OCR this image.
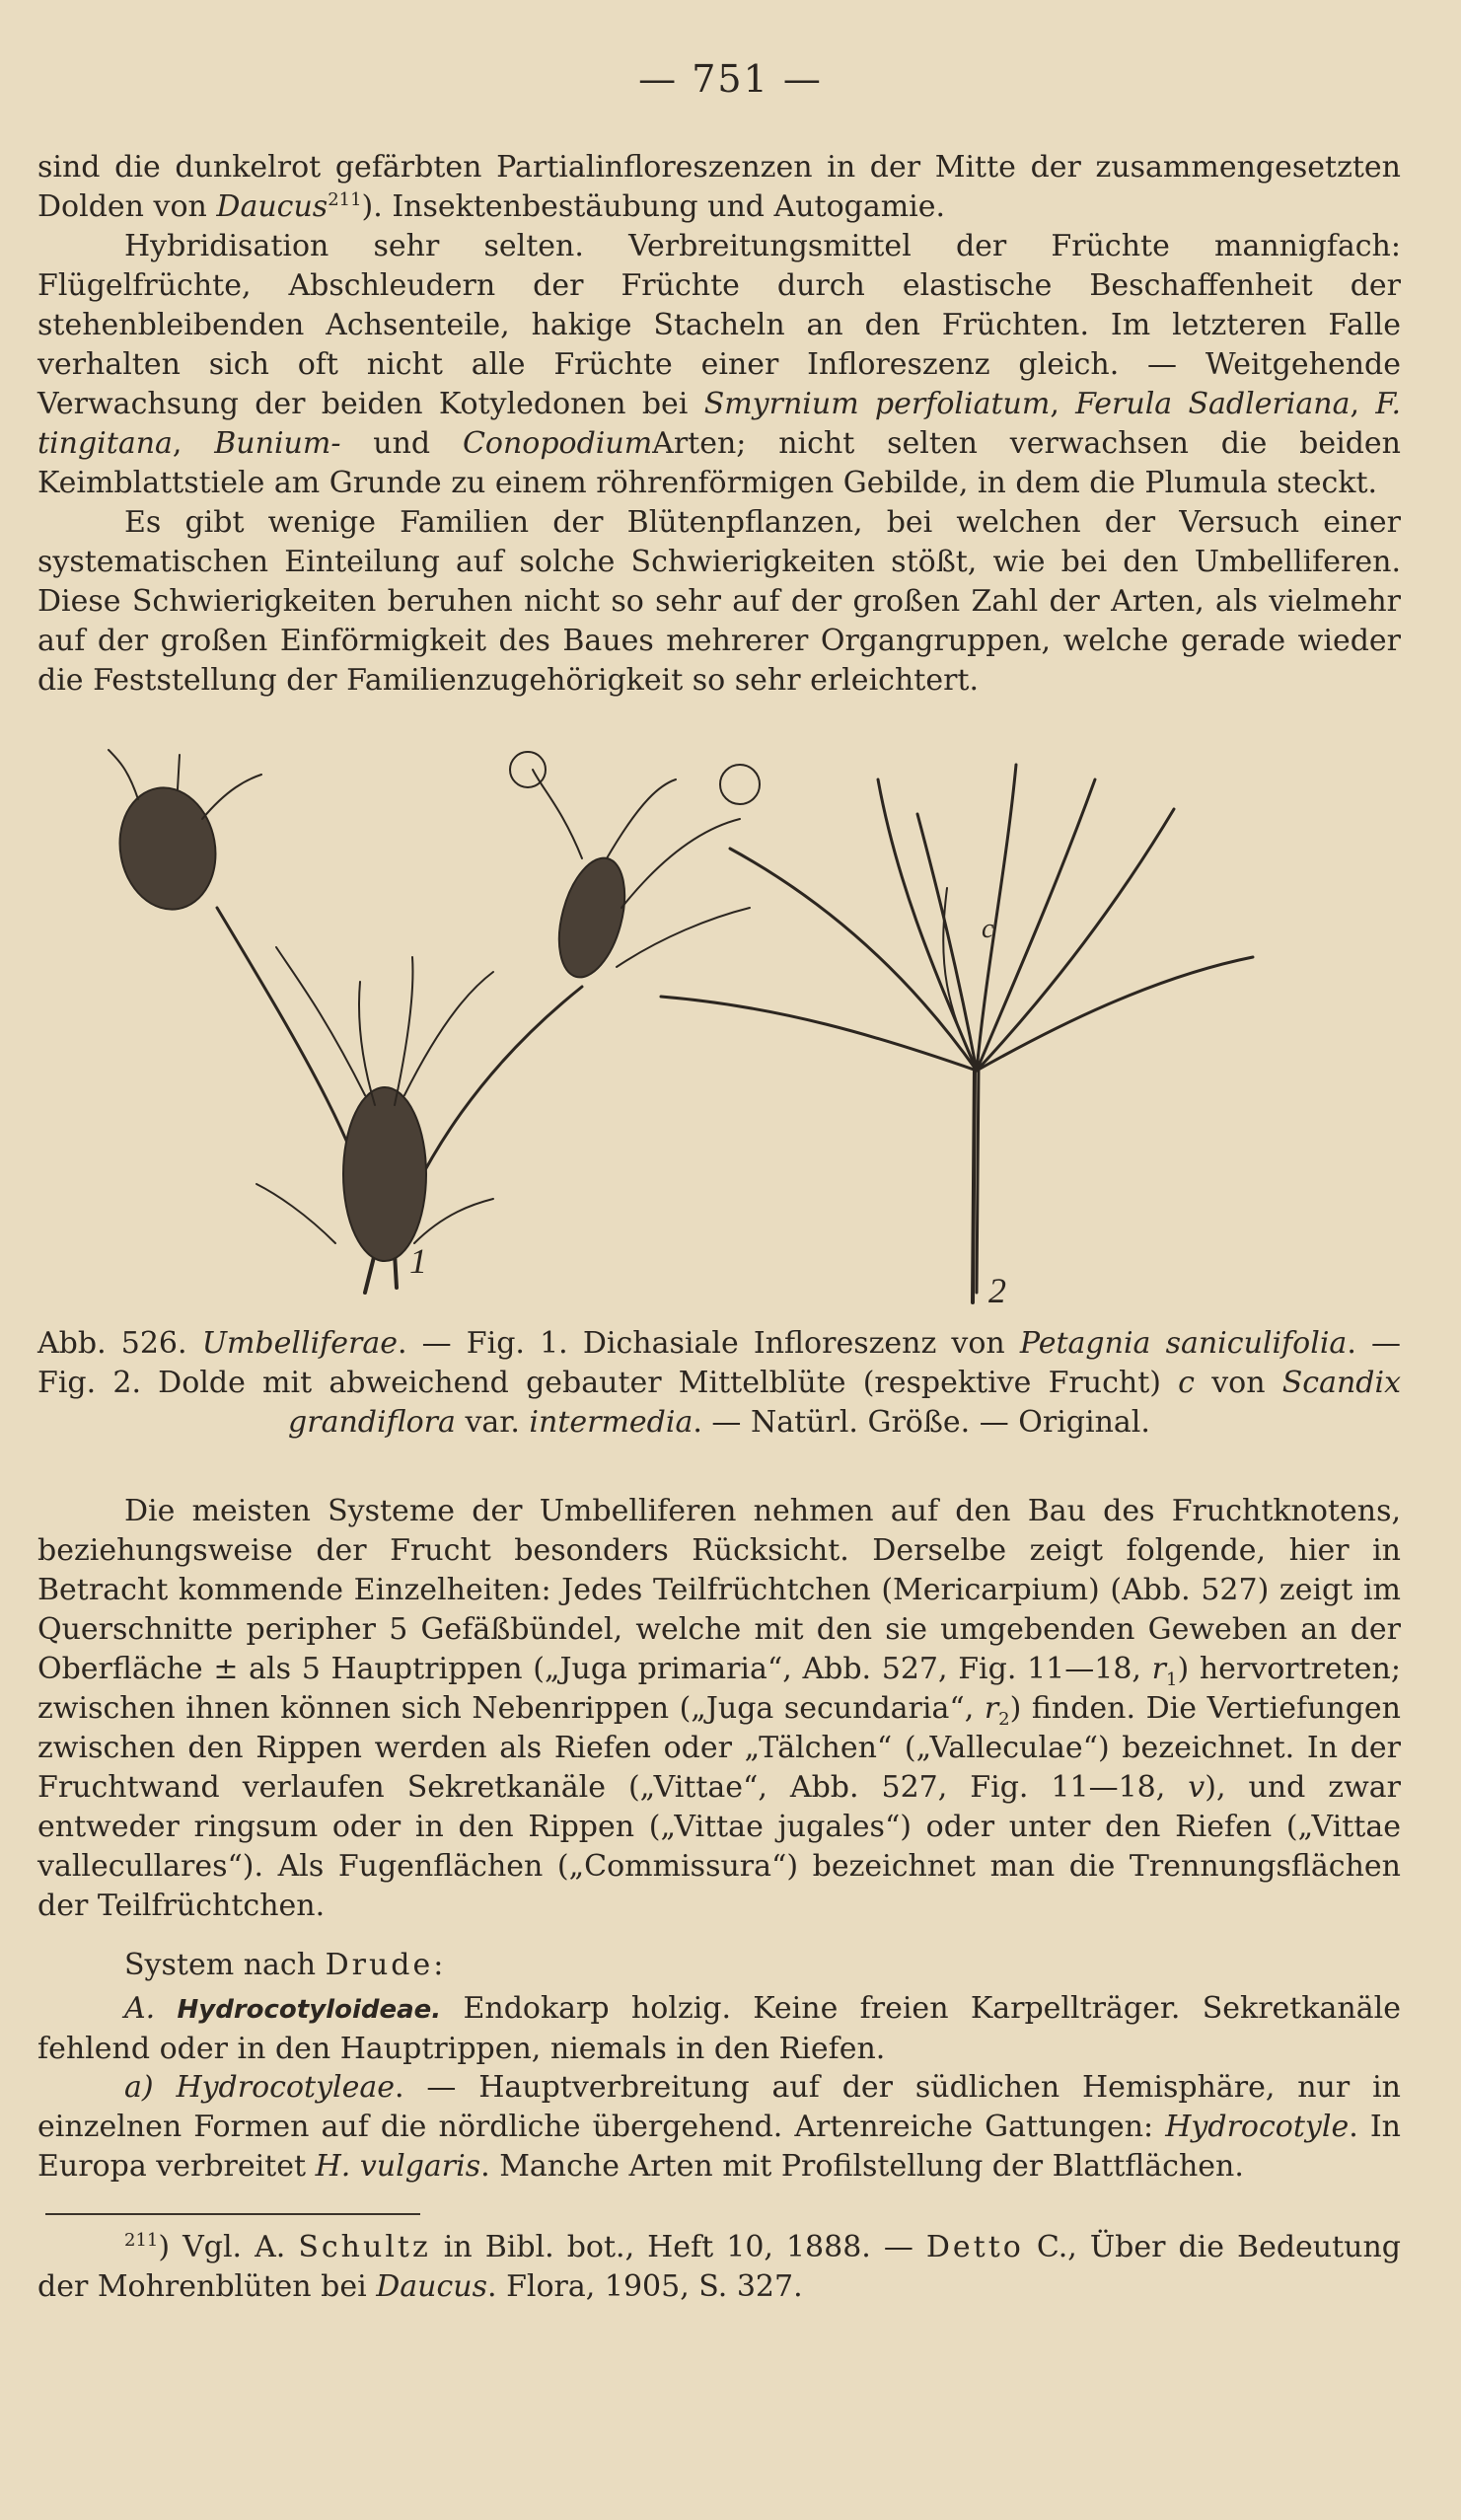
— 751 —

sind die dunkelrot gefärbten Partialinfloreszenzen in der Mitte der zusammengesetzten Dolden von Daucus$^{211}$). Insektenbestäubung und Autogamie.

Hybridisation sehr selten. Verbreitungsmittel der Früchte mannigfach: Flügelfrüchte, Abschleudern der Früchte durch elastische Beschaffenheit der stehenbleibenden Achsenteile, hakige Stacheln an den Früchten. Im letzteren Falle verhalten sich oft nicht alle Früchte einer Infloreszenz gleich. — Weitgehende Verwachsung der beiden Kotyledonen bei Smyrnium perfoliatum, Ferula Sadleriana, F. tingitana, Bunium- und ConopodiumArten; nicht selten verwachsen die beiden Keimblattstiele am Grunde zu einem röhrenförmigen Gebilde, in dem die Plumula steckt.

Es gibt wenige Familien der Blütenpflanzen, bei welchen der Versuch einer systematischen Einteilung auf solche Schwierigkeiten stößt, wie bei den Umbelliferen. Diese Schwierigkeiten beruhen nicht so sehr auf der großen Zahl der Arten, als vielmehr auf der großen Einförmigkeit des Baues mehrerer Organgruppen, welche gerade wieder die Feststellung der Familienzugehörigkeit so sehr erleichtert.

1
c
2
Abb. 526. Umbelliferae. — Fig. 1. Dichasiale Infloreszenz von Petagnia saniculifolia. — Fig. 2. Dolde mit abweichend gebauter Mittelblüte (respektive Frucht) c von Scandix grandiflora var. intermedia. — Natürl. Größe. — Original.

Die meisten Systeme der Umbelliferen nehmen auf den Bau des Fruchtknotens, beziehungsweise der Frucht besonders Rücksicht. Derselbe zeigt folgende, hier in Betracht kommende Einzelheiten: Jedes Teilfrüchtchen (Mericarpium) (Abb. 527) zeigt im Querschnitte peripher 5 Gefäßbündel, welche mit den sie umgebenden Geweben an der Oberfläche ± als 5 Hauptrippen („Juga primaria“, Abb. 527, Fig. 11—18, $r_1$) hervortreten; zwischen ihnen können sich Nebenrippen („Juga secundaria“, $r_2$) finden. Die Vertiefungen zwischen den Rippen werden als Riefen oder „Tälchen“ („Valleculae“) bezeichnet. In der Fruchtwand verlaufen Sekretkanäle („Vittae“, Abb. 527, Fig. 11—18, v), und zwar entweder ringsum oder in den Rippen („Vittae jugales“) oder unter den Riefen („Vittae vallecullares“). Als Fugenflächen („Commissura“) bezeichnet man die Trennungsflächen der Teilfrüchtchen.

System nach Drude:

A. Hydrocotyloideae. Endokarp holzig. Keine freien Karpellträger. Sekretkanäle fehlend oder in den Hauptrippen, niemals in den Riefen.

a) Hydrocotyleae. — Hauptverbreitung auf der südlichen Hemisphäre, nur in einzelnen Formen auf die nördliche übergehend. Artenreiche Gattungen: Hydrocotyle. In Europa verbreitet H. vulgaris. Manche Arten mit Profilstellung der Blattflächen.

$^{211}$) Vgl. A. Schultz in Bibl. bot., Heft 10, 1888. — Detto C., Über die Bedeutung der Mohrenblüten bei Daucus. Flora, 1905, S. 327.
